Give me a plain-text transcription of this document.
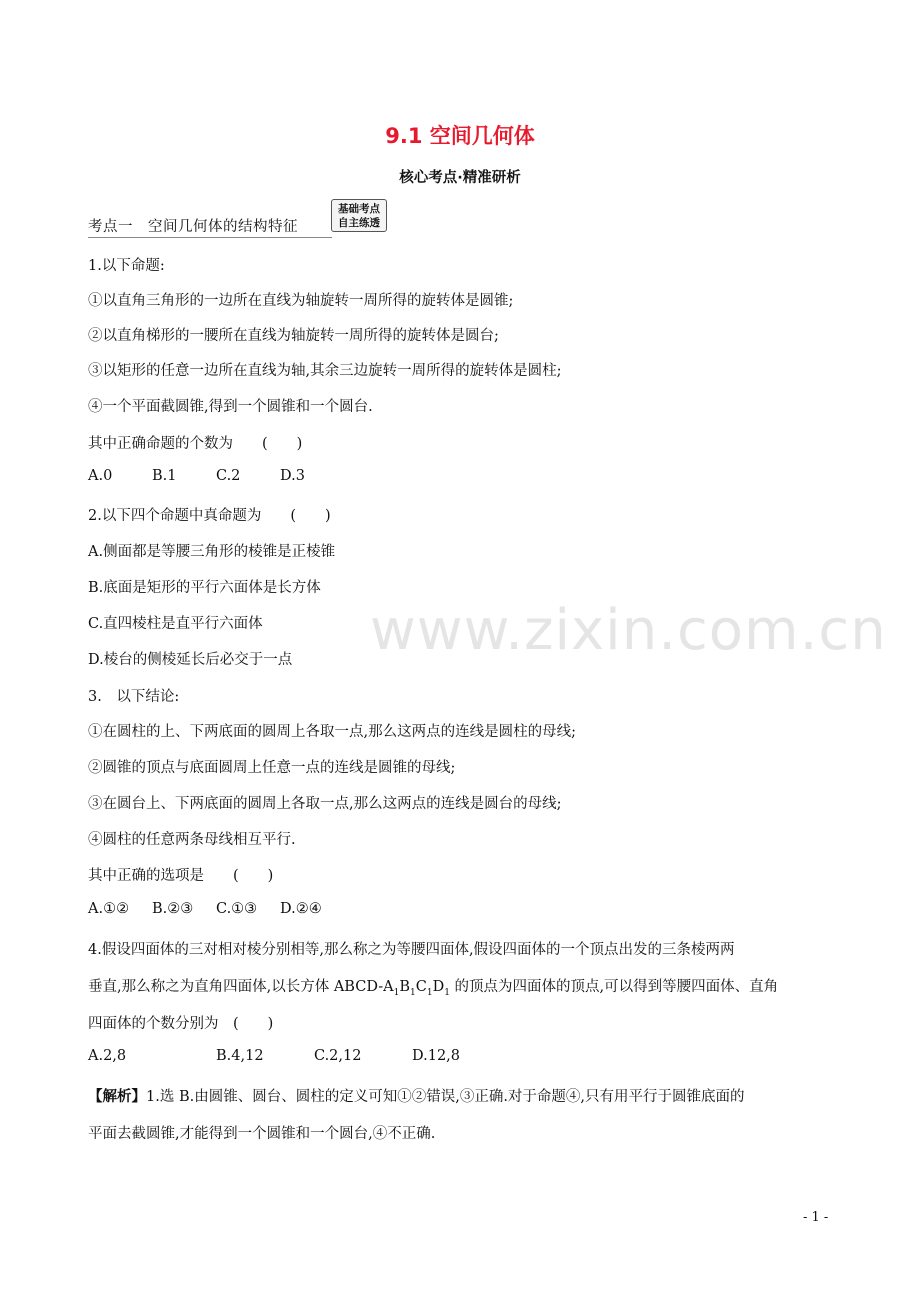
9.1 空间几何体
核心考点·精准研析
考点一　空间几何体的结构特征
基础考点
自主练透
1.以下命题:
①以直角三角形的一边所在直线为轴旋转一周所得的旋转体是圆锥;
②以直角梯形的一腰所在直线为轴旋转一周所得的旋转体是圆台;
③以矩形的任意一边所在直线为轴,其余三边旋转一周所得的旋转体是圆柱;
④一个平面截圆锥,得到一个圆锥和一个圆台.
其中正确命题的个数为　　(　　)
A.0	B.1	C.2	D.3
2.以下四个命题中真命题为　　(　　)
A.侧面都是等腰三角形的棱锥是正棱锥
B.底面是矩形的平行六面体是长方体
C.直四棱柱是直平行六面体
D.棱台的侧棱延长后必交于一点
3.　以下结论:
①在圆柱的上、下两底面的圆周上各取一点,那么这两点的连线是圆柱的母线;
②圆锥的顶点与底面圆周上任意一点的连线是圆锥的母线;
③在圆台上、下两底面的圆周上各取一点,那么这两点的连线是圆台的母线;
④圆柱的任意两条母线相互平行.
其中正确的选项是　　(　　)
A.①② B.②③ C.①③ D.②④
4.假设四面体的三对相对棱分别相等,那么称之为等腰四面体,假设四面体的一个顶点出发的三条棱两两
垂直,那么称之为直角四面体,以长方体 ABCD-$A_1B_1C_1D_1$ 的顶点为四面体的顶点,可以得到等腰四面体、直角
四面体的个数分别为　(　　)
A.2,8	B.4,12	C.2,12	D.12,8
【解析】1.选 B.由圆锥、圆台、圆柱的定义可知①②错误,③正确.对于命题④,只有用平行于圆锥底面的
平面去截圆锥,才能得到一个圆锥和一个圆台,④不正确.
www.zixin.com.cn
- 1 -
